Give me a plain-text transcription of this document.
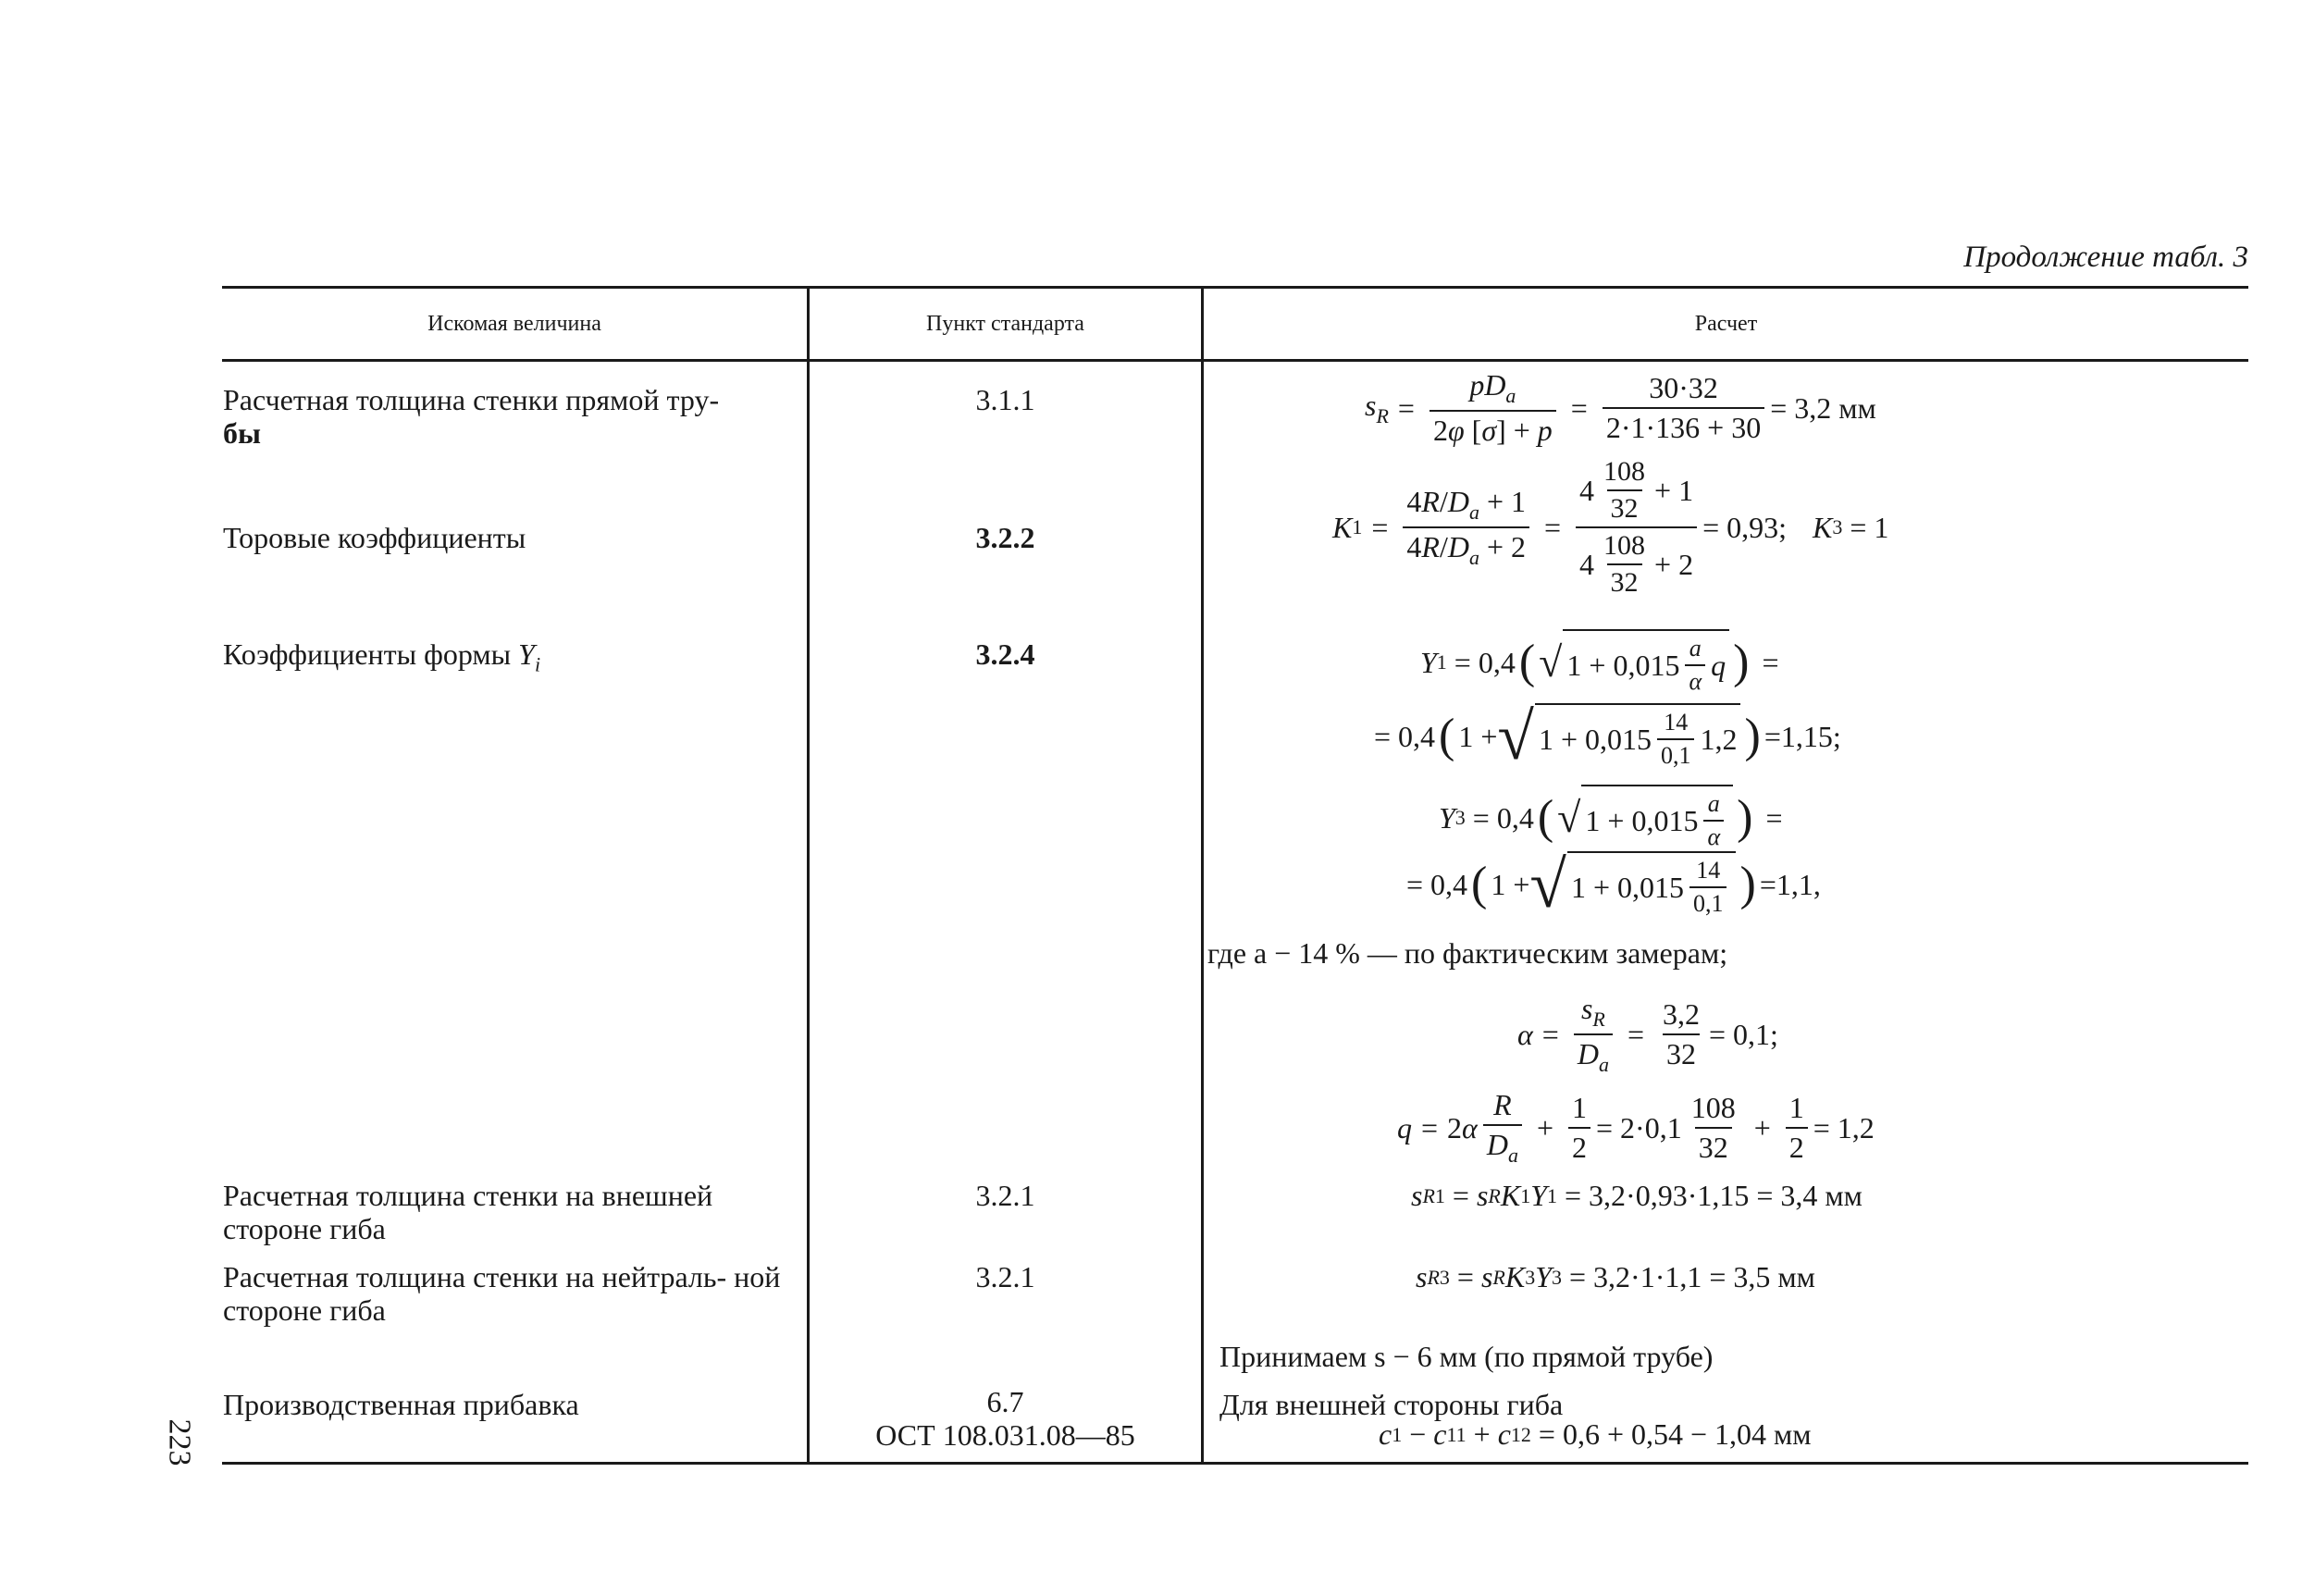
Продолжение табл. 3
Искомая величина	Пункт стандарта	Расчет
Расчетная толщина стенки прямой тру-
бы
Торовые коэффициенты
Коэффициенты формы $Y_i$
Расчетная толщина стенки на внешней стороне гиба
Расчетная толщина стенки на нейтраль- ной стороне гиба
Производственная прибавка
3.1.1
3.2.2
3.2.4
3.2.1
3.2.1
6.7
ОСТ 108.031.08—85
223
$s_R = \frac{pD_a}{2\varphi [\sigma] + p} = \frac{30\cdot 32}{2\cdot 1\cdot 136 + 30} = 3,2$ мм
K $1 = \frac{4R/D_a + 1}{4R/D_a + 2} = \frac{4 \frac{108}{32} + 1}{4 \frac{108}{32} + 2} = 0,93$; K 3
= 1
Y 1
= 0,4 ( √ $1 + 0,015 \frac{a}{\alpha}$ q ) =
= 0,4 ( 1 + √ $1 + 0,015 \frac{14}{0,1} 1,2$ ) =1,15;
Y 3
= 0,4 ( √ $1 + 0,015 \frac{a}{\alpha}$ ) =
= 0,4 ( 1 + √ $1 + 0,015 \frac{14}{0,1}$ ) =1,1,
где a − 14 % — по фактическим замерам;
$\alpha = \frac{s_R}{D_a} = \frac{3,2}{32} = 0,1$;
q = 2 α $\frac{R}{D_a} + \frac{1}{2} = 2\cdot 0,1 \frac{108}{32} + \frac{1}{2} = 1,2$
s R 1 = s R K 1 Y 1
= 3,2·0,93·1,15 = 3,4 мм
s R 3 = s R K 3 Y 3
= 3,2·1·1,1 = 3,5 мм
Принимаем s − 6 мм (по прямой трубе)
Для внешней стороны гиба
c 1 − c 11 + c 12
= 0,6 + 0,54 − 1,04 мм
